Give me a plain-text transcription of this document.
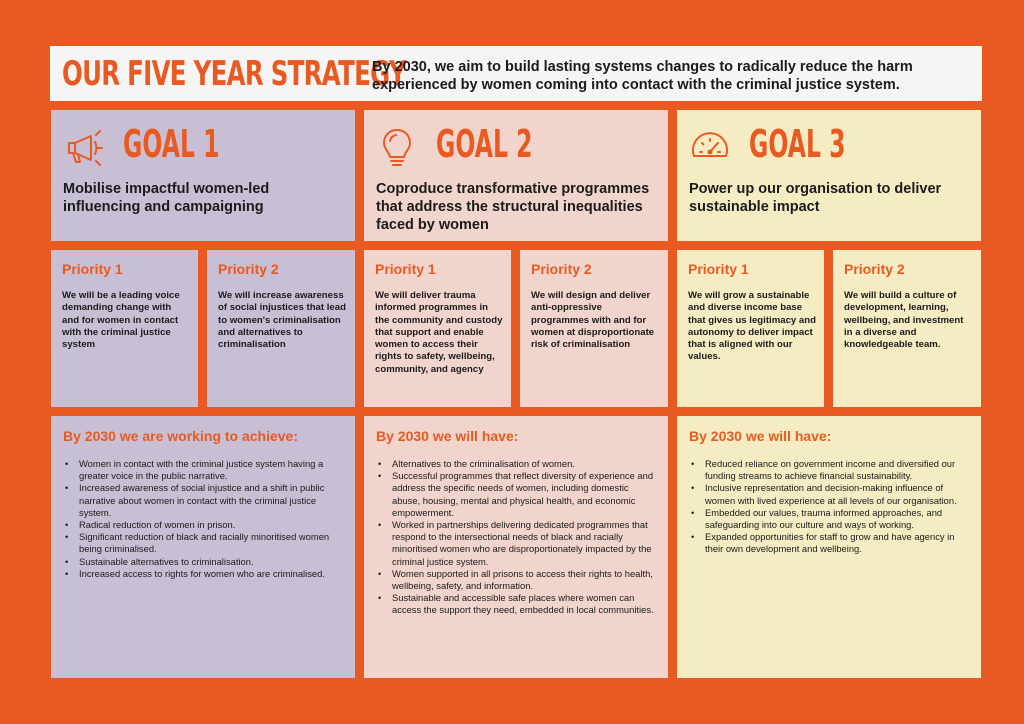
OUR FIVE YEAR STRATEGY
By 2030, we aim to build lasting systems changes to radically reduce the harm experienced by women coming into contact with the criminal justice system.
GOAL 1
Mobilise impactful women-led influencing and campaigning
Priority 1
We will be a leading voice demanding change with and for women in contact with the criminal justice system
Priority 2
We will increase awareness of social injustices that lead to women's criminalisation and alternatives to criminalisation
By 2030 we are working to achieve:
• Women in contact with the criminal justice system having a greater voice in the public narrative.
• Increased awareness of social injustice and a shift in public narrative about women in contact with the criminal justice system.
• Radical reduction of women in prison.
• Significant reduction of black and racially minoritised women being criminalised.
• Sustainable alternatives to criminalisation.
• Increased access to rights for women who are criminalised.
GOAL 2
Coproduce transformative programmes that address the structural inequalities faced by women
Priority 1
We will deliver trauma informed programmes in the community and custody that support and enable women to access their rights to safety, wellbeing, community, and agency
Priority 2
We will design and deliver anti-oppressive programmes with and for women at disproportionate risk of criminalisation
By 2030 we will have:
• Alternatives to the criminalisation of women.
• Successful programmes that reflect diversity of experience and address the specific needs of women, including domestic abuse, housing, mental and physical health, and economic empowerment.
• Worked in partnerships delivering dedicated programmes that respond to the intersectional needs of black and racially minoritised women who are disproportionately impacted by the criminal justice system.
• Women supported in all prisons to access their rights to health, wellbeing, safety, and information.
• Sustainable and accessible safe places where women can access the support they need, embedded in local communities.
GOAL 3
Power up our organisation to deliver sustainable impact
Priority 1
We will grow a sustainable and diverse income base that gives us legitimacy and autonomy to deliver impact that is aligned with our values.
Priority 2
We will build a culture of development, learning, wellbeing, and investment in a diverse and knowledgeable team.
By 2030 we will have:
• Reduced reliance on government income and diversified our funding streams to achieve financial sustainability.
• Inclusive representation and decision-making influence of women with lived experience at all levels of our organisation.
• Embedded our values, trauma informed approaches, and safeguarding into our culture and ways of working.
• Expanded opportunities for staff to grow and have agency in their own development and wellbeing.
